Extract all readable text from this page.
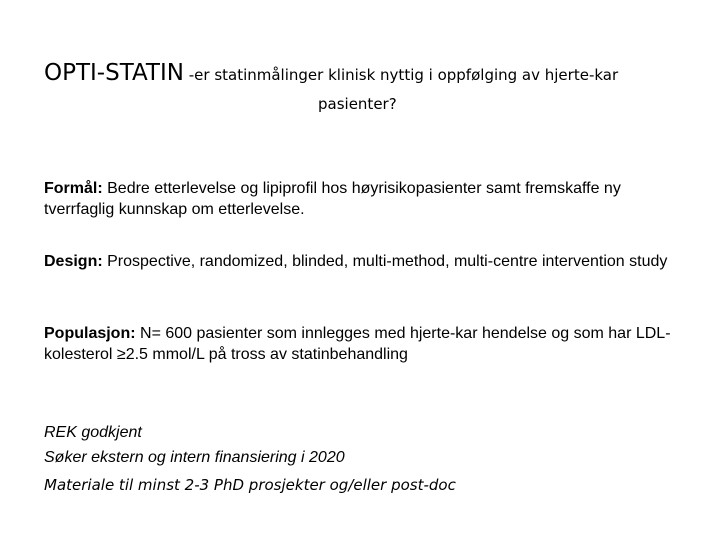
OPTI-STATIN -er statinmålinger klinisk nyttig i oppfølging av hjerte-kar
pasienter?
Formål: Bedre etterlevelse og lipiprofil hos høyrisikopasienter samt fremskaffe ny tverrfaglig kunnskap om etterlevelse.
Design: Prospective, randomized, blinded, multi-method, multi-centre intervention study
Populasjon: N= 600 pasienter som innlegges med hjerte-kar hendelse og som har LDL-kolesterol ≥2.5 mmol/L på tross av statinbehandling
REK godkjent
Søker ekstern og intern finansiering i 2020
Materiale til minst 2-3 PhD prosjekter og/eller post-doc
